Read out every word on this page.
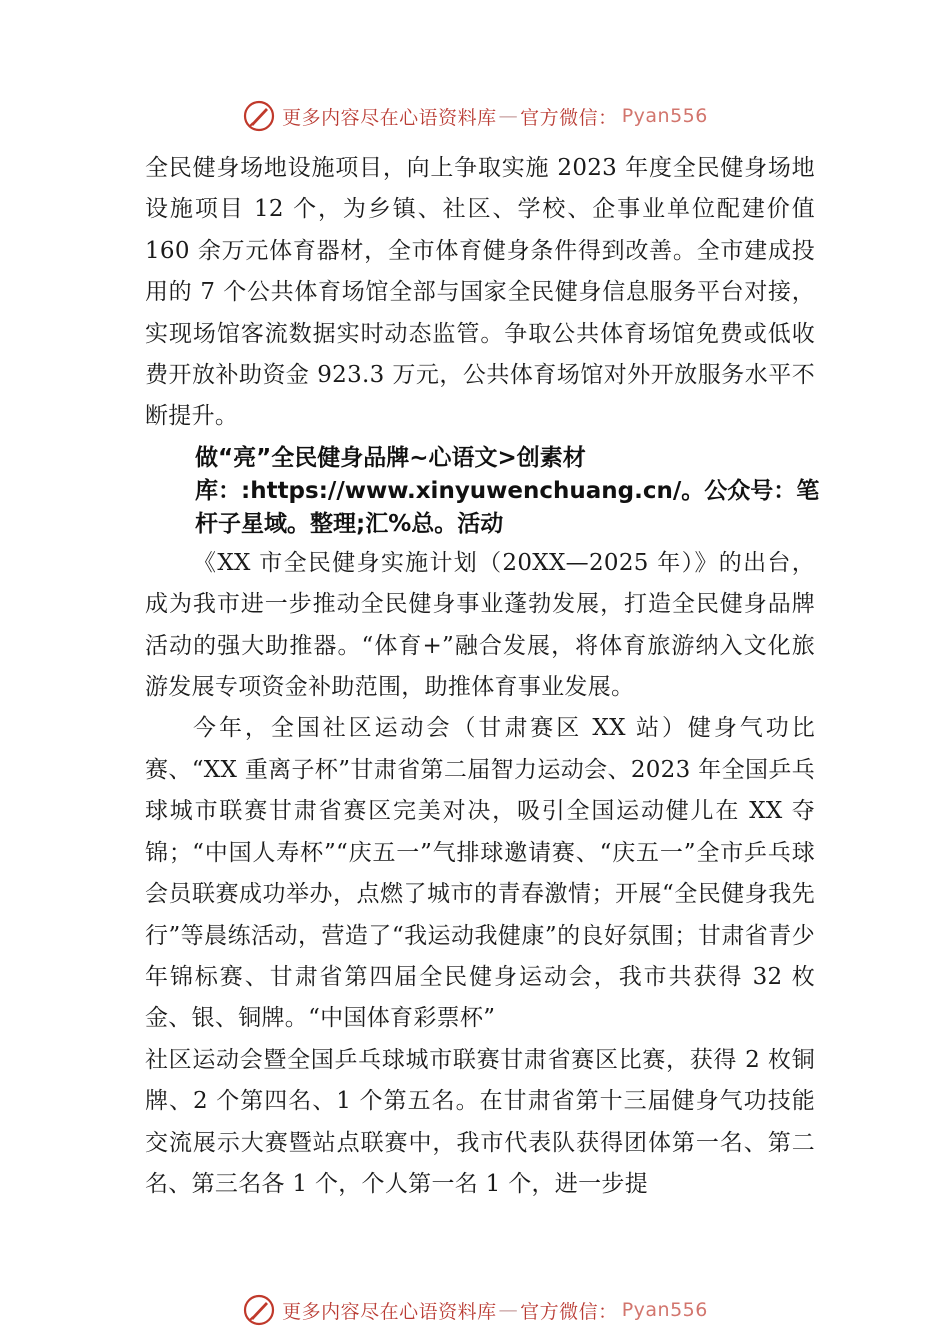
更多内容尽在心语资料库 — 官方微信： Pyan556

全民健身场地设施项目，向上争取实施 2023 年度全民健身场地设施项目 12 个，为乡镇、社区、学校、企事业单位配建价值 160 余万元体育器材，全市体育健身条件得到改善。全市建成投用的 7 个公共体育场馆全部与国家全民健身信息服务平台对接，实现场馆客流数据实时动态监管。争取公共体育场馆免费或低收费开放补助资金 923.3 万元，公共体育场馆对外开放服务水平不断提升。

做“亮”全民健身品牌~心语文>创素材库：:https://www.xinyuwenchuang.cn/。公众号：笔杆子星域。整理;汇%总。活动

《XX 市全民健身实施计划（20XX—2025 年）》的出台，成为我市进一步推动全民健身事业蓬勃发展，打造全民健身品牌活动的强大助推器。“体育+”融合发展，将体育旅游纳入文化旅游发展专项资金补助范围，助推体育事业发展。

今年，全国社区运动会（甘肃赛区 XX 站）健身气功比赛、“XX 重离子杯”甘肃省第二届智力运动会、2023 年全国乒乓球城市联赛甘肃省赛区完美对决，吸引全国运动健儿在 XX 夺锦；“中国人寿杯”“庆五一”气排球邀请赛、“庆五一”全市乒乓球会员联赛成功举办，点燃了城市的青春激情；开展“全民健身我先行”等晨练活动，营造了“我运动我健康”的良好氛围；甘肃省青少年锦标赛、甘肃省第四届全民健身运动会，我市共获得 32 枚金、银、铜牌。“中国体育彩票杯”

社区运动会暨全国乒乓球城市联赛甘肃省赛区比赛，获得 2 枚铜牌、2 个第四名、1 个第五名。在甘肃省第十三届健身气功技能交流展示大赛暨站点联赛中，我市代表队获得团体第一名、第二名、第三名各 1 个，个人第一名 1 个，进一步提

更多内容尽在心语资料库 — 官方微信： Pyan556
